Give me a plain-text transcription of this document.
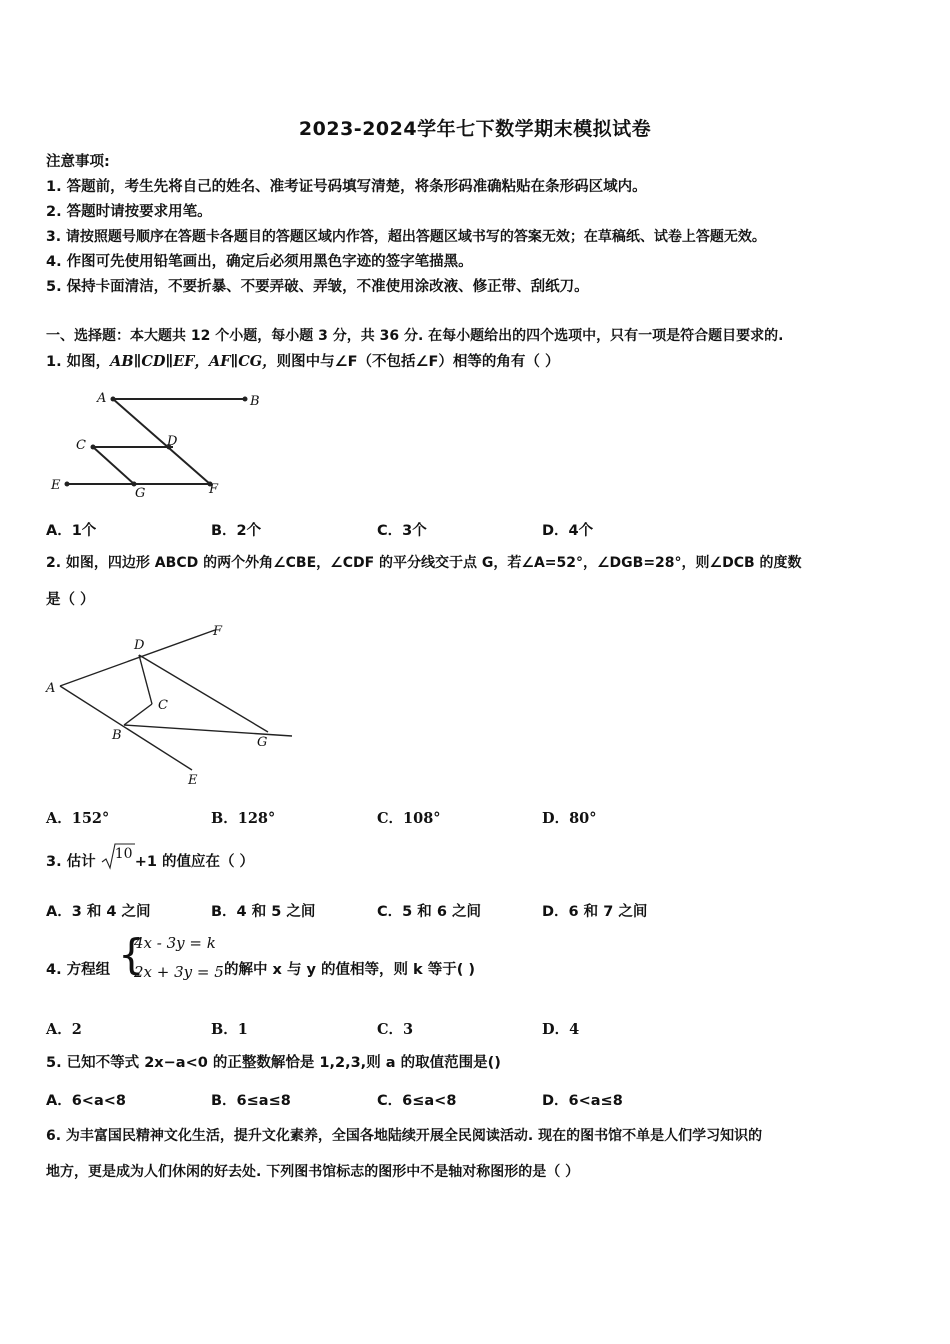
2023-2024学年七下数学期末模拟试卷
注意事项:
1. 答题前，考生先将自己的姓名、准考证号码填写清楚，将条形码准确粘贴在条形码区域内。
2. 答题时请按要求用笔。
3. 请按照题号顺序在答题卡各题目的答题区域内作答，超出答题区域书写的答案无效；在草稿纸、试卷上答题无效。
4. 作图可先使用铅笔画出，确定后必须用黑色字迹的签字笔描黑。
5. 保持卡面清洁，不要折暴、不要弄破、弄皱，不准使用涂改液、修正带、刮纸刀。
一、选择题：本大题共 12 个小题，每小题 3 分，共 36 分. 在每小题给出的四个选项中，只有一项是符合题目要求的.
1. 如图，AB∥CD∥EF，AF∥CG，则图中与∠F（不包括∠F）相等的角有（ ）
A	B
C	D
E
G	F
A．1个	B．2个	C．3个	D．4个
2. 如图，四边形 ABCD 的两个外角∠CBE，∠CDF 的平分线交于点 G，若∠A=52°，∠DGB=28°，则∠DCB 的度数
是（ ）
A
D
F
C
B	G
E
A．152°	B．128°	C．108°	D．80°
3. 估计 10 +1 的值应在（ ）
A．3 和 4 之间	B．4 和 5 之间	C．5 和 6 之间	D．6 和 7 之间
4. 方程组 {
4x - 3y = k
2x + 3y = 5 的解中 x 与 y 的值相等，则 k 等于( )
A．2	B．1	C．3	D．4
5. 已知不等式 2x−a<0 的正整数解恰是 1,2,3,则 a 的取值范围是()
A．6<a<8	B．6≤a≤8	C．6≤a<8	D．6<a≤8
6. 为丰富国民精神文化生活，提升文化素养，全国各地陆续开展全民阅读活动. 现在的图书馆不单是人们学习知识的
地方，更是成为人们休闲的好去处. 下列图书馆标志的图形中不是轴对称图形的是（ ）
